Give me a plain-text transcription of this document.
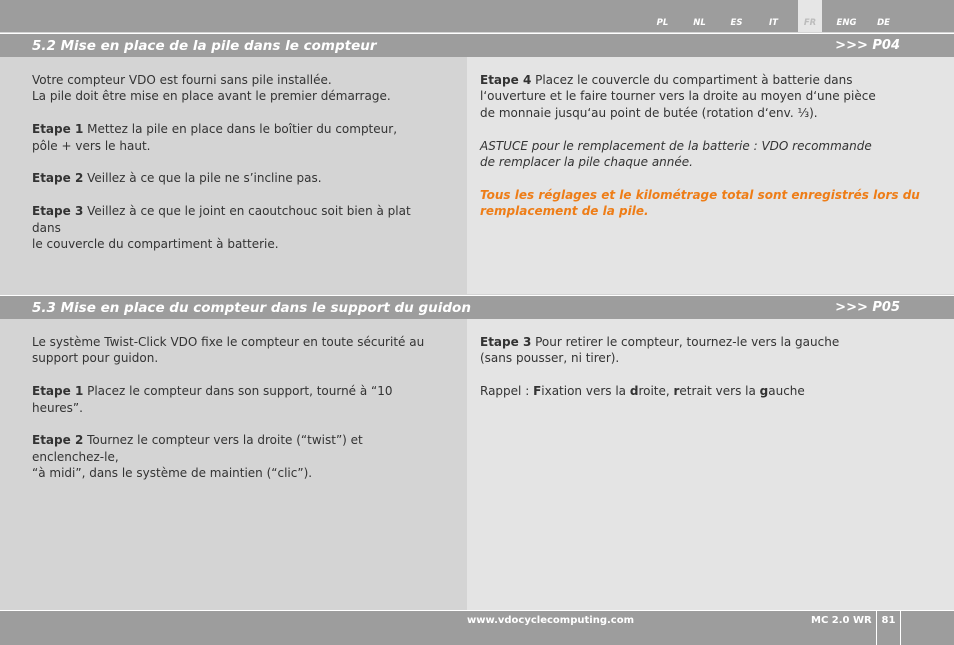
PL	NL	ES	IT	FR	ENG	DE
5.2 Mise en place de la pile dans le compteur	>>> P04

Votre compteur VDO est fourni sans pile installée.
La pile doit être mise en place avant le premier démarrage.

Etape 1 Mettez la pile en place dans le boîtier du compteur,
pôle + vers le haut.

Etape 2 Veillez à ce que la pile ne s’incline pas.

Etape 3 Veillez à ce que le joint en caoutchouc soit bien à plat dans
le couvercle du compartiment à batterie.

Etape 4 Placez le couvercle du compartiment à batterie dans
l‘ouverture et le faire tourner vers la droite au moyen d‘une pièce
de monnaie jusqu‘au point de butée (rotation d‘env. ⅓).

ASTUCE pour le remplacement de la batterie : VDO recommande
de remplacer la pile chaque année.

Tous les réglages et le kilométrage total sont enregistrés lors du
remplacement de la pile.

5.3 Mise en place du compteur dans le support du guidon	>>> P05

Le système Twist-Click VDO fixe le compteur en toute sécurité au
support pour guidon.

Etape 1 Placez le compteur dans son support, tourné à “10 heures”.

Etape 2 Tournez le compteur vers la droite (“twist”) et enclenchez-le,
“à midi”, dans le système de maintien (“clic”).

Etape 3 Pour retirer le compteur, tournez-le vers la gauche
(sans pousser, ni tirer).

Rappel : Fixation vers la droite, retrait vers la gauche

www.vdocyclecomputing.com	MC 2.0 WR 81
